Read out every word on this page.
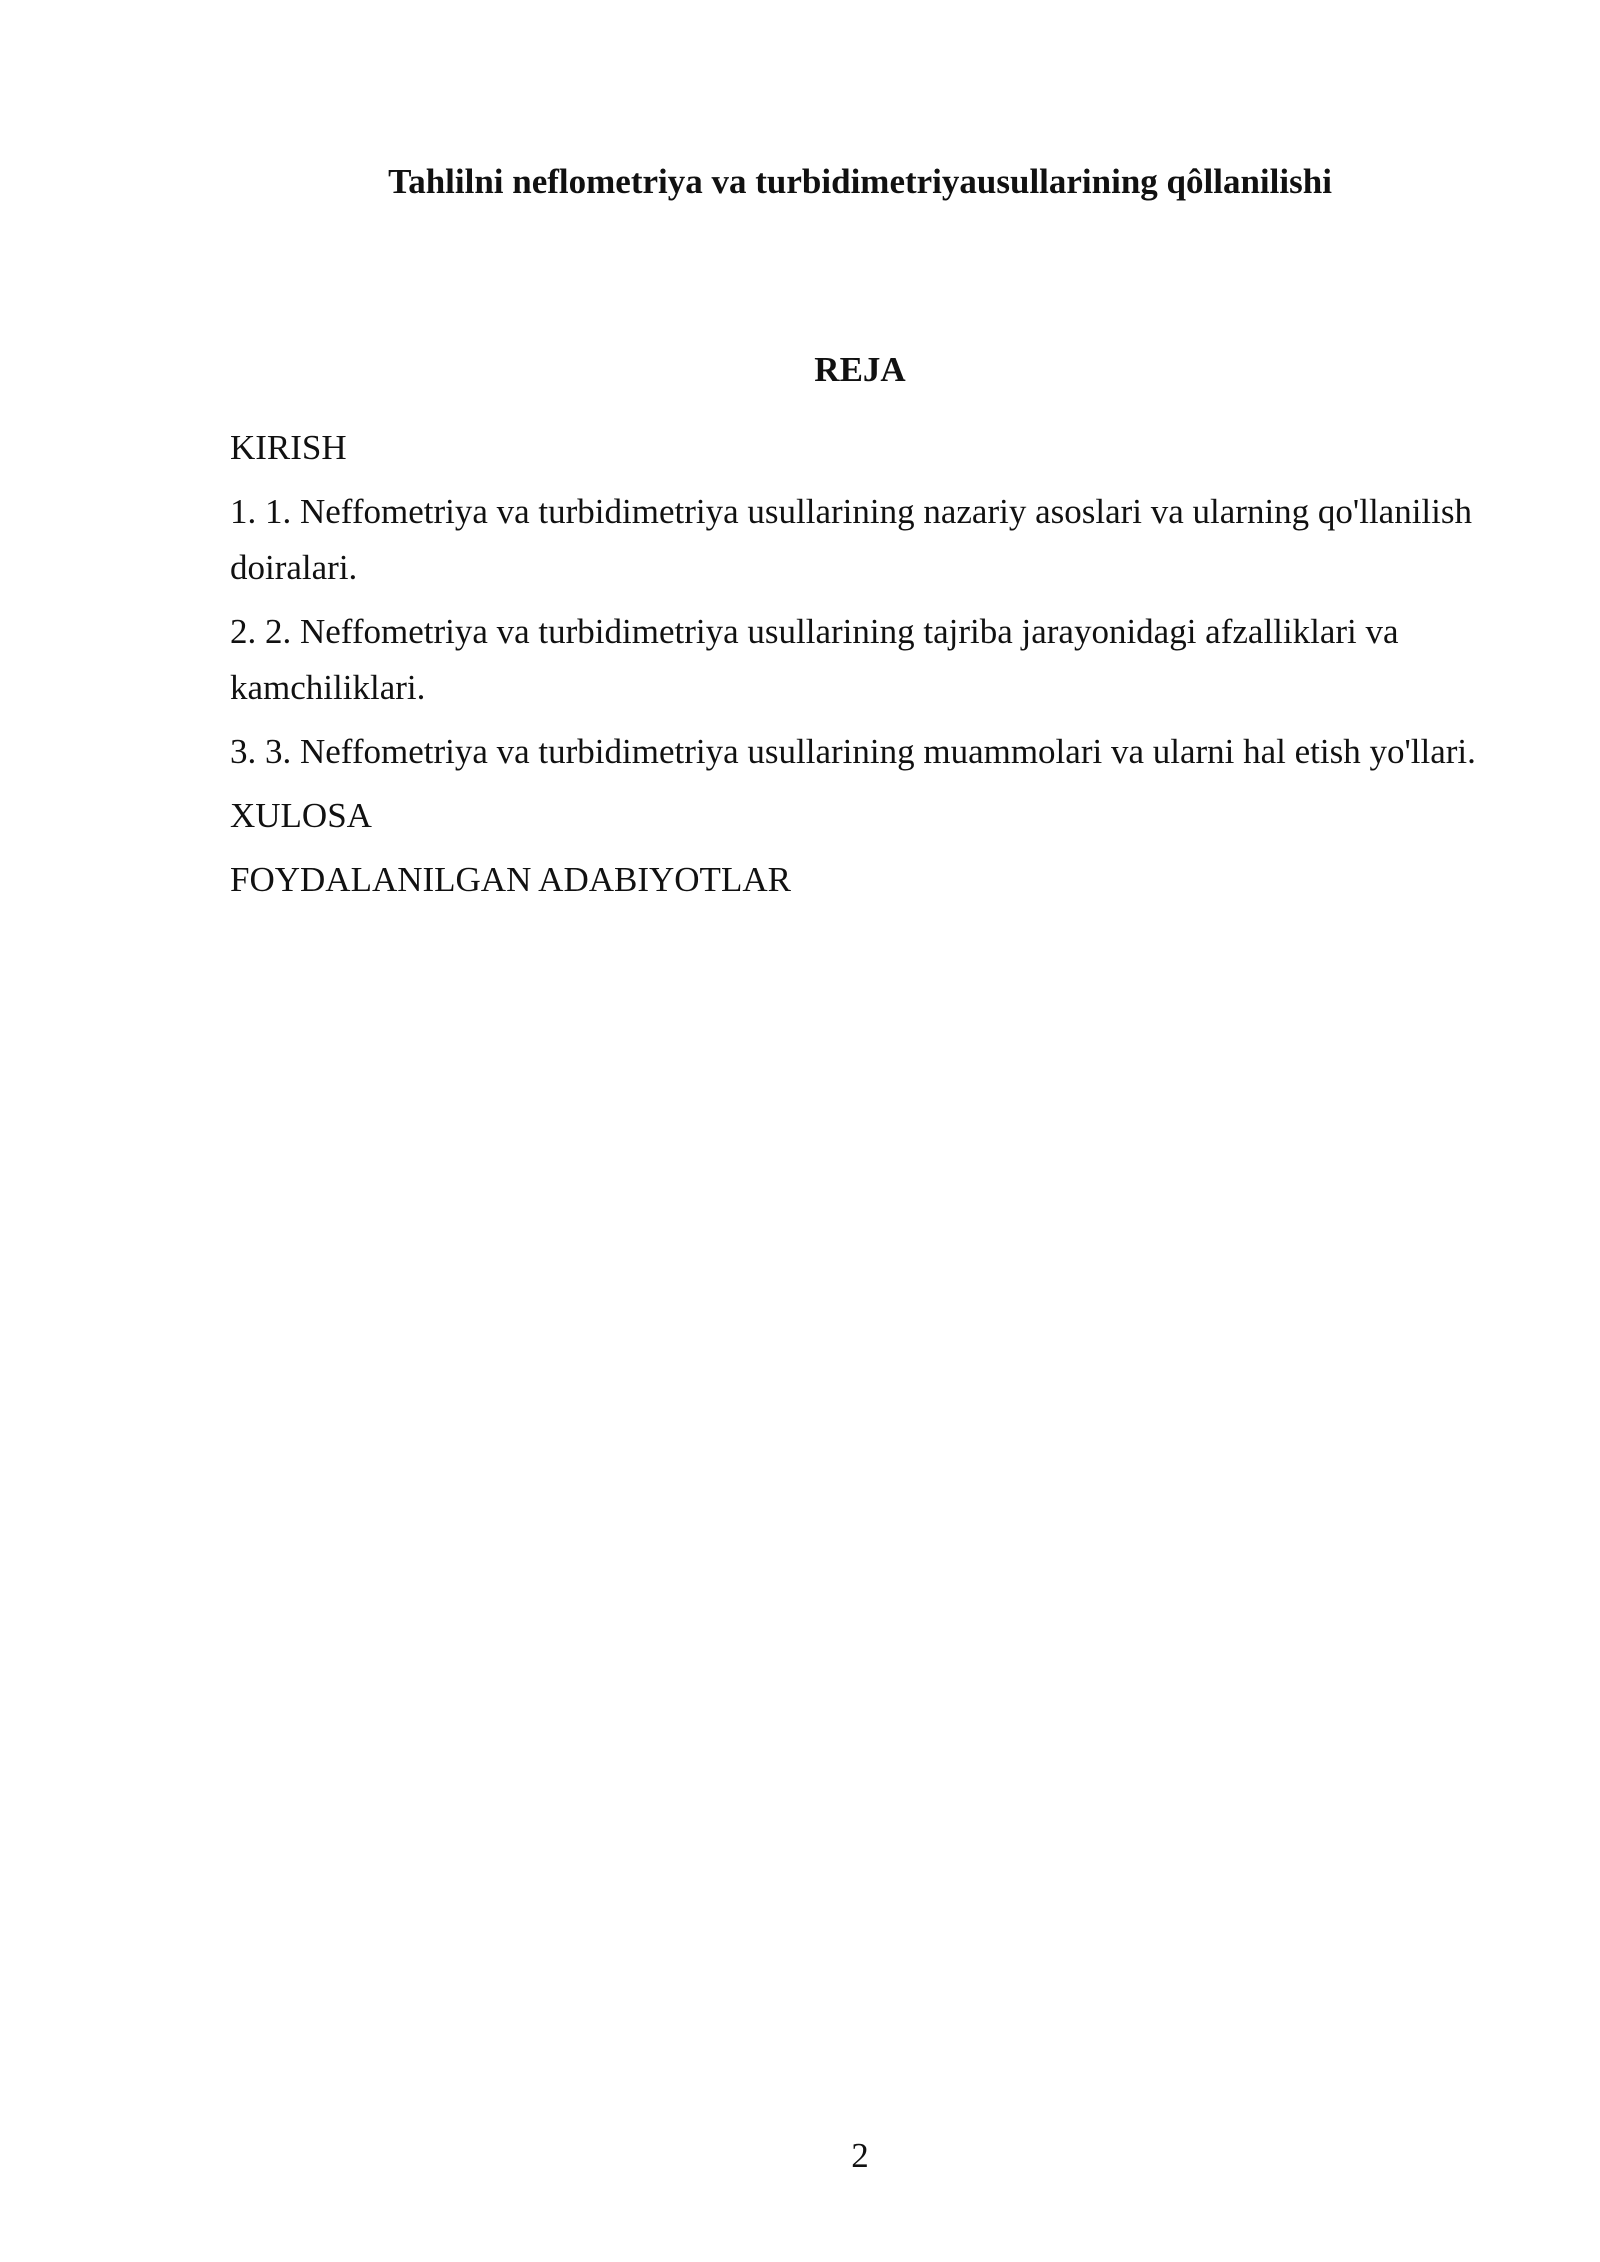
Tahlilni neflometriya va turbidimetriyausullarining qôllanilishi
REJA
KIRISH
1. 1. Neffometriya va turbidimetriya usullarining nazariy asoslari va ularning qo'llanilish doiralari.
2. 2. Neffometriya va turbidimetriya usullarining tajriba jarayonidagi afzalliklari va kamchiliklari.
3. 3. Neffometriya va turbidimetriya usullarining muammolari va ularni hal etish yo'llari.
XULOSA
FOYDALANILGAN ADABIYOTLAR
2
